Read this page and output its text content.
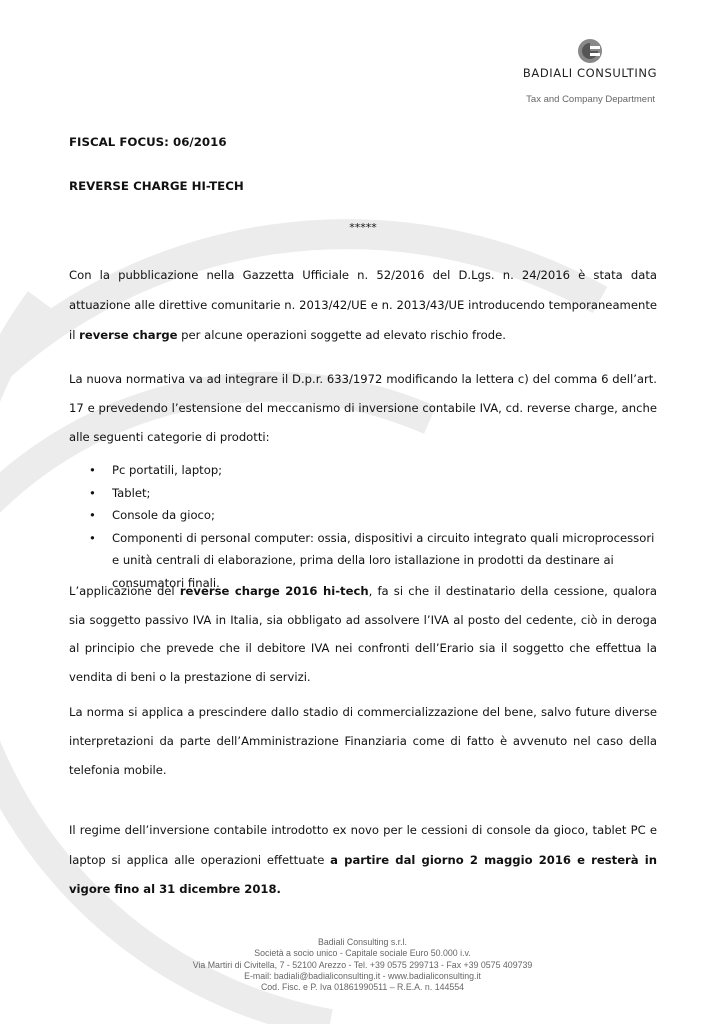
BADIALI CONSULTING
Tax and Company Department
FISCAL FOCUS: 06/2016
REVERSE CHARGE HI-TECH
*****

Con la pubblicazione nella Gazzetta Ufficiale n. 52/2016 del D.Lgs. n. 24/2016 è stata data attuazione alle direttive comunitarie n. 2013/42/UE e n. 2013/43/UE introducendo temporaneamente il reverse charge per alcune operazioni soggette ad elevato rischio frode.

La nuova normativa va ad integrare il D.p.r. 633/1972 modificando la lettera c) del comma 6 dell’art. 17 e prevedendo l’estensione del meccanismo di inversione contabile IVA, cd. reverse charge, anche alle seguenti categorie di prodotti:

• Pc portatili, laptop;
• Tablet;
• Console da gioco;
• Componenti di personal computer: ossia, dispositivi a circuito integrato quali microprocessori e unità centrali di elaborazione, prima della loro istallazione in prodotti da destinare ai consumatori finali.

L’applicazione del reverse charge 2016 hi-tech, fa si che il destinatario della cessione, qualora sia soggetto passivo IVA in Italia, sia obbligato ad assolvere l’IVA al posto del cedente, ciò in deroga al principio che prevede che il debitore IVA nei confronti dell’Erario sia il soggetto che effettua la vendita di beni o la prestazione di servizi.

La norma si applica a prescindere dallo stadio di commercializzazione del bene, salvo future diverse interpretazioni da parte dell’Amministrazione Finanziaria come di fatto è avvenuto nel caso della telefonia mobile.

Il regime dell’inversione contabile introdotto ex novo per le cessioni di console da gioco, tablet PC e laptop si applica alle operazioni effettuate a partire dal giorno 2 maggio 2016 e resterà in vigore fino al 31 dicembre 2018.

Badiali Consulting s.r.l.
Società a socio unico - Capitale sociale Euro 50.000 i.v.
Via Martiri di Civitella, 7 - 52100 Arezzo - Tel. +39 0575 299713 - Fax +39 0575 409739
E-mail: badiali@badialiconsulting.it - www.badialiconsulting.it
Cod. Fisc. e P. Iva 01861990511 – R.E.A. n. 144554
